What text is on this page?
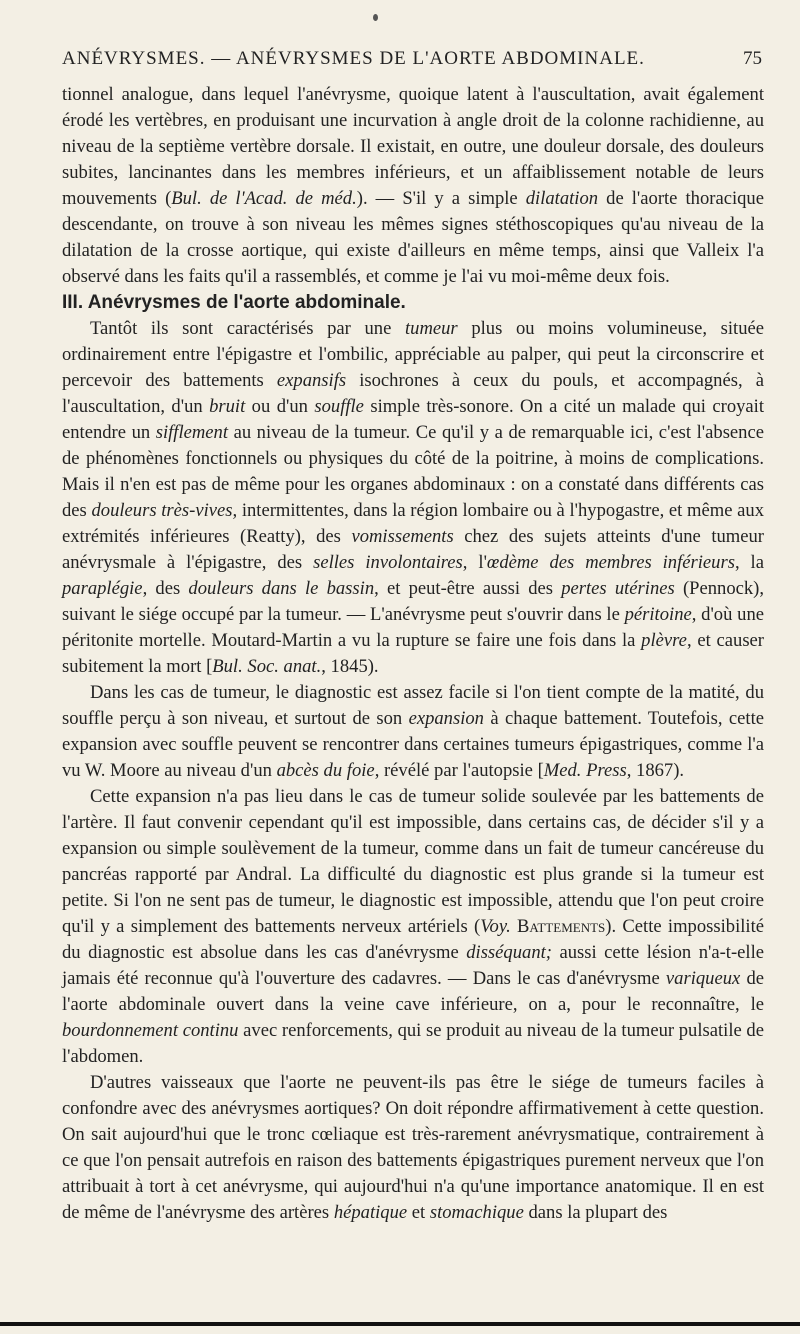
ANÉVRYSMES. — ANÉVRYSMES DE L'AORTE ABDOMINALE.	75

tionnel analogue, dans lequel l'anévrysme, quoique latent à l'auscultation, avait également érodé les vertèbres, en produisant une incurvation à angle droit de la colonne rachidienne, au niveau de la septième vertèbre dorsale. Il existait, en outre, une douleur dorsale, des douleurs subites, lancinantes dans les membres inférieurs, et un affaiblissement notable de leurs mouvements (Bul. de l'Acad. de méd.). — S'il y a simple dilatation de l'aorte thoracique descendante, on trouve à son niveau les mêmes signes stéthoscopiques qu'au niveau de la dilatation de la crosse aortique, qui existe d'ailleurs en même temps, ainsi que Valleix l'a observé dans les faits qu'il a rassemblés, et comme je l'ai vu moi-même deux fois.

III. Anévrysmes de l'aorte abdominale.

Tantôt ils sont caractérisés par une tumeur plus ou moins volumineuse, située ordinairement entre l'épigastre et l'ombilic, appréciable au palper, qui peut la circonscrire et percevoir des battements expansifs isochrones à ceux du pouls, et accompagnés, à l'auscultation, d'un bruit ou d'un souffle simple très-sonore. On a cité un malade qui croyait entendre un sifflement au niveau de la tumeur. Ce qu'il y a de remarquable ici, c'est l'absence de phénomènes fonctionnels ou physiques du côté de la poitrine, à moins de complications. Mais il n'en est pas de même pour les organes abdominaux : on a constaté dans différents cas des douleurs très-vives, intermittentes, dans la région lombaire ou à l'hypogastre, et même aux extrémités inférieures (Reatty), des vomissements chez des sujets atteints d'une tumeur anévrysmale à l'épigastre, des selles involontaires, l'œdème des membres inférieurs, la paraplégie, des douleurs dans le bassin, et peut-être aussi des pertes utérines (Pennock), suivant le siége occupé par la tumeur. — L'anévrysme peut s'ouvrir dans le péritoine, d'où une péritonite mortelle. Moutard-Martin a vu la rupture se faire une fois dans la plèvre, et causer subitement la mort [Bul. Soc. anat., 1845).

Dans les cas de tumeur, le diagnostic est assez facile si l'on tient compte de la matité, du souffle perçu à son niveau, et surtout de son expansion à chaque battement. Toutefois, cette expansion avec souffle peuvent se rencontrer dans certaines tumeurs épigastriques, comme l'a vu W. Moore au niveau d'un abcès du foie, révélé par l'autopsie [Med. Press, 1867).

Cette expansion n'a pas lieu dans le cas de tumeur solide soulevée par les battements de l'artère. Il faut convenir cependant qu'il est impossible, dans certains cas, de décider s'il y a expansion ou simple soulèvement de la tumeur, comme dans un fait de tumeur cancéreuse du pancréas rapporté par Andral. La difficulté du diagnostic est plus grande si la tumeur est petite. Si l'on ne sent pas de tumeur, le diagnostic est impossible, attendu que l'on peut croire qu'il y a simplement des battements nerveux artériels (Voy. Battements). Cette impossibilité du diagnostic est absolue dans les cas d'anévrysme disséquant; aussi cette lésion n'a-t-elle jamais été reconnue qu'à l'ouverture des cadavres. — Dans le cas d'anévrysme variqueux de l'aorte abdominale ouvert dans la veine cave inférieure, on a, pour le reconnaître, le bourdonnement continu avec renforcements, qui se produit au niveau de la tumeur pulsatile de l'abdomen.

D'autres vaisseaux que l'aorte ne peuvent-ils pas être le siége de tumeurs faciles à confondre avec des anévrysmes aortiques? On doit répondre affirmativement à cette question. On sait aujourd'hui que le tronc cœliaque est très-rarement anévrysmatique, contrairement à ce que l'on pensait autrefois en raison des battements épigastriques purement nerveux que l'on attribuait à tort à cet anévrysme, qui aujourd'hui n'a qu'une importance anatomique. Il en est de même de l'anévrysme des artères hépatique et stomachique dans la plupart des
